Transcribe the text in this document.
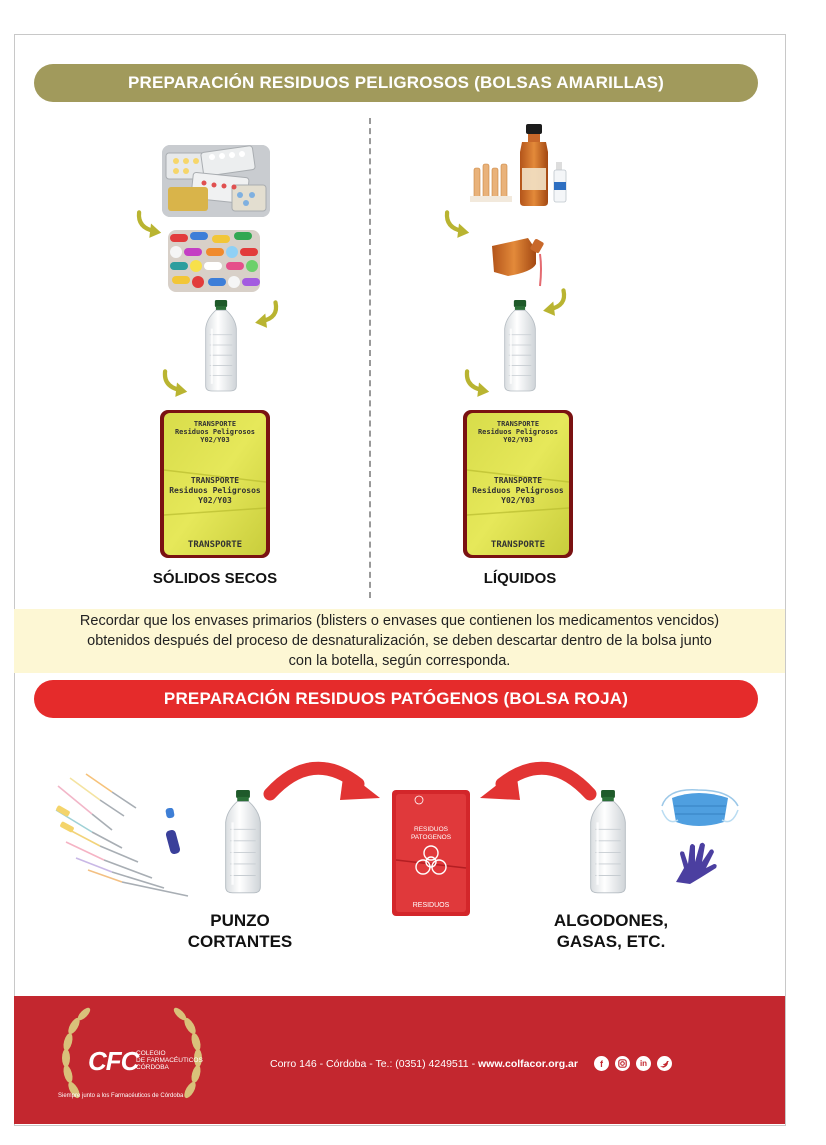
PREPARACIÓN RESIDUOS PELIGROSOS (BOLSAS AMARILLAS)
TRANSPORTE
Residuos Peligrosos
Y02/Y03
TRANSPORTE
Residuos Peligrosos
Y02/Y03
TRANSPORTE
SÓLIDOS SECOS
TRANSPORTE
Residuos Peligrosos
Y02/Y03
TRANSPORTE
Residuos Peligrosos
Y02/Y03
TRANSPORTE
LÍQUIDOS
Recordar que los envases primarios (blisters o envases que contienen los medicamentos vencidos)
obtenidos después del proceso de desnaturalización, se deben descartar dentro de la bolsa junto
con la botella, según corresponda.
PREPARACIÓN RESIDUOS PATÓGENOS (BOLSA ROJA)
RESIDUOS
PATOGENOS
RESIDUOS
PUNZO
CORTANTES
ALGODONES,
GASAS, ETC.
CFC
COLEGIO
DE FARMACÉUTICOS
CÓRDOBA
Siempre junto a los Farmacéuticos de Córdoba
Corro 146 - Córdoba - Te.: (0351) 4249511 - www.colfacor.org.ar	f	in
